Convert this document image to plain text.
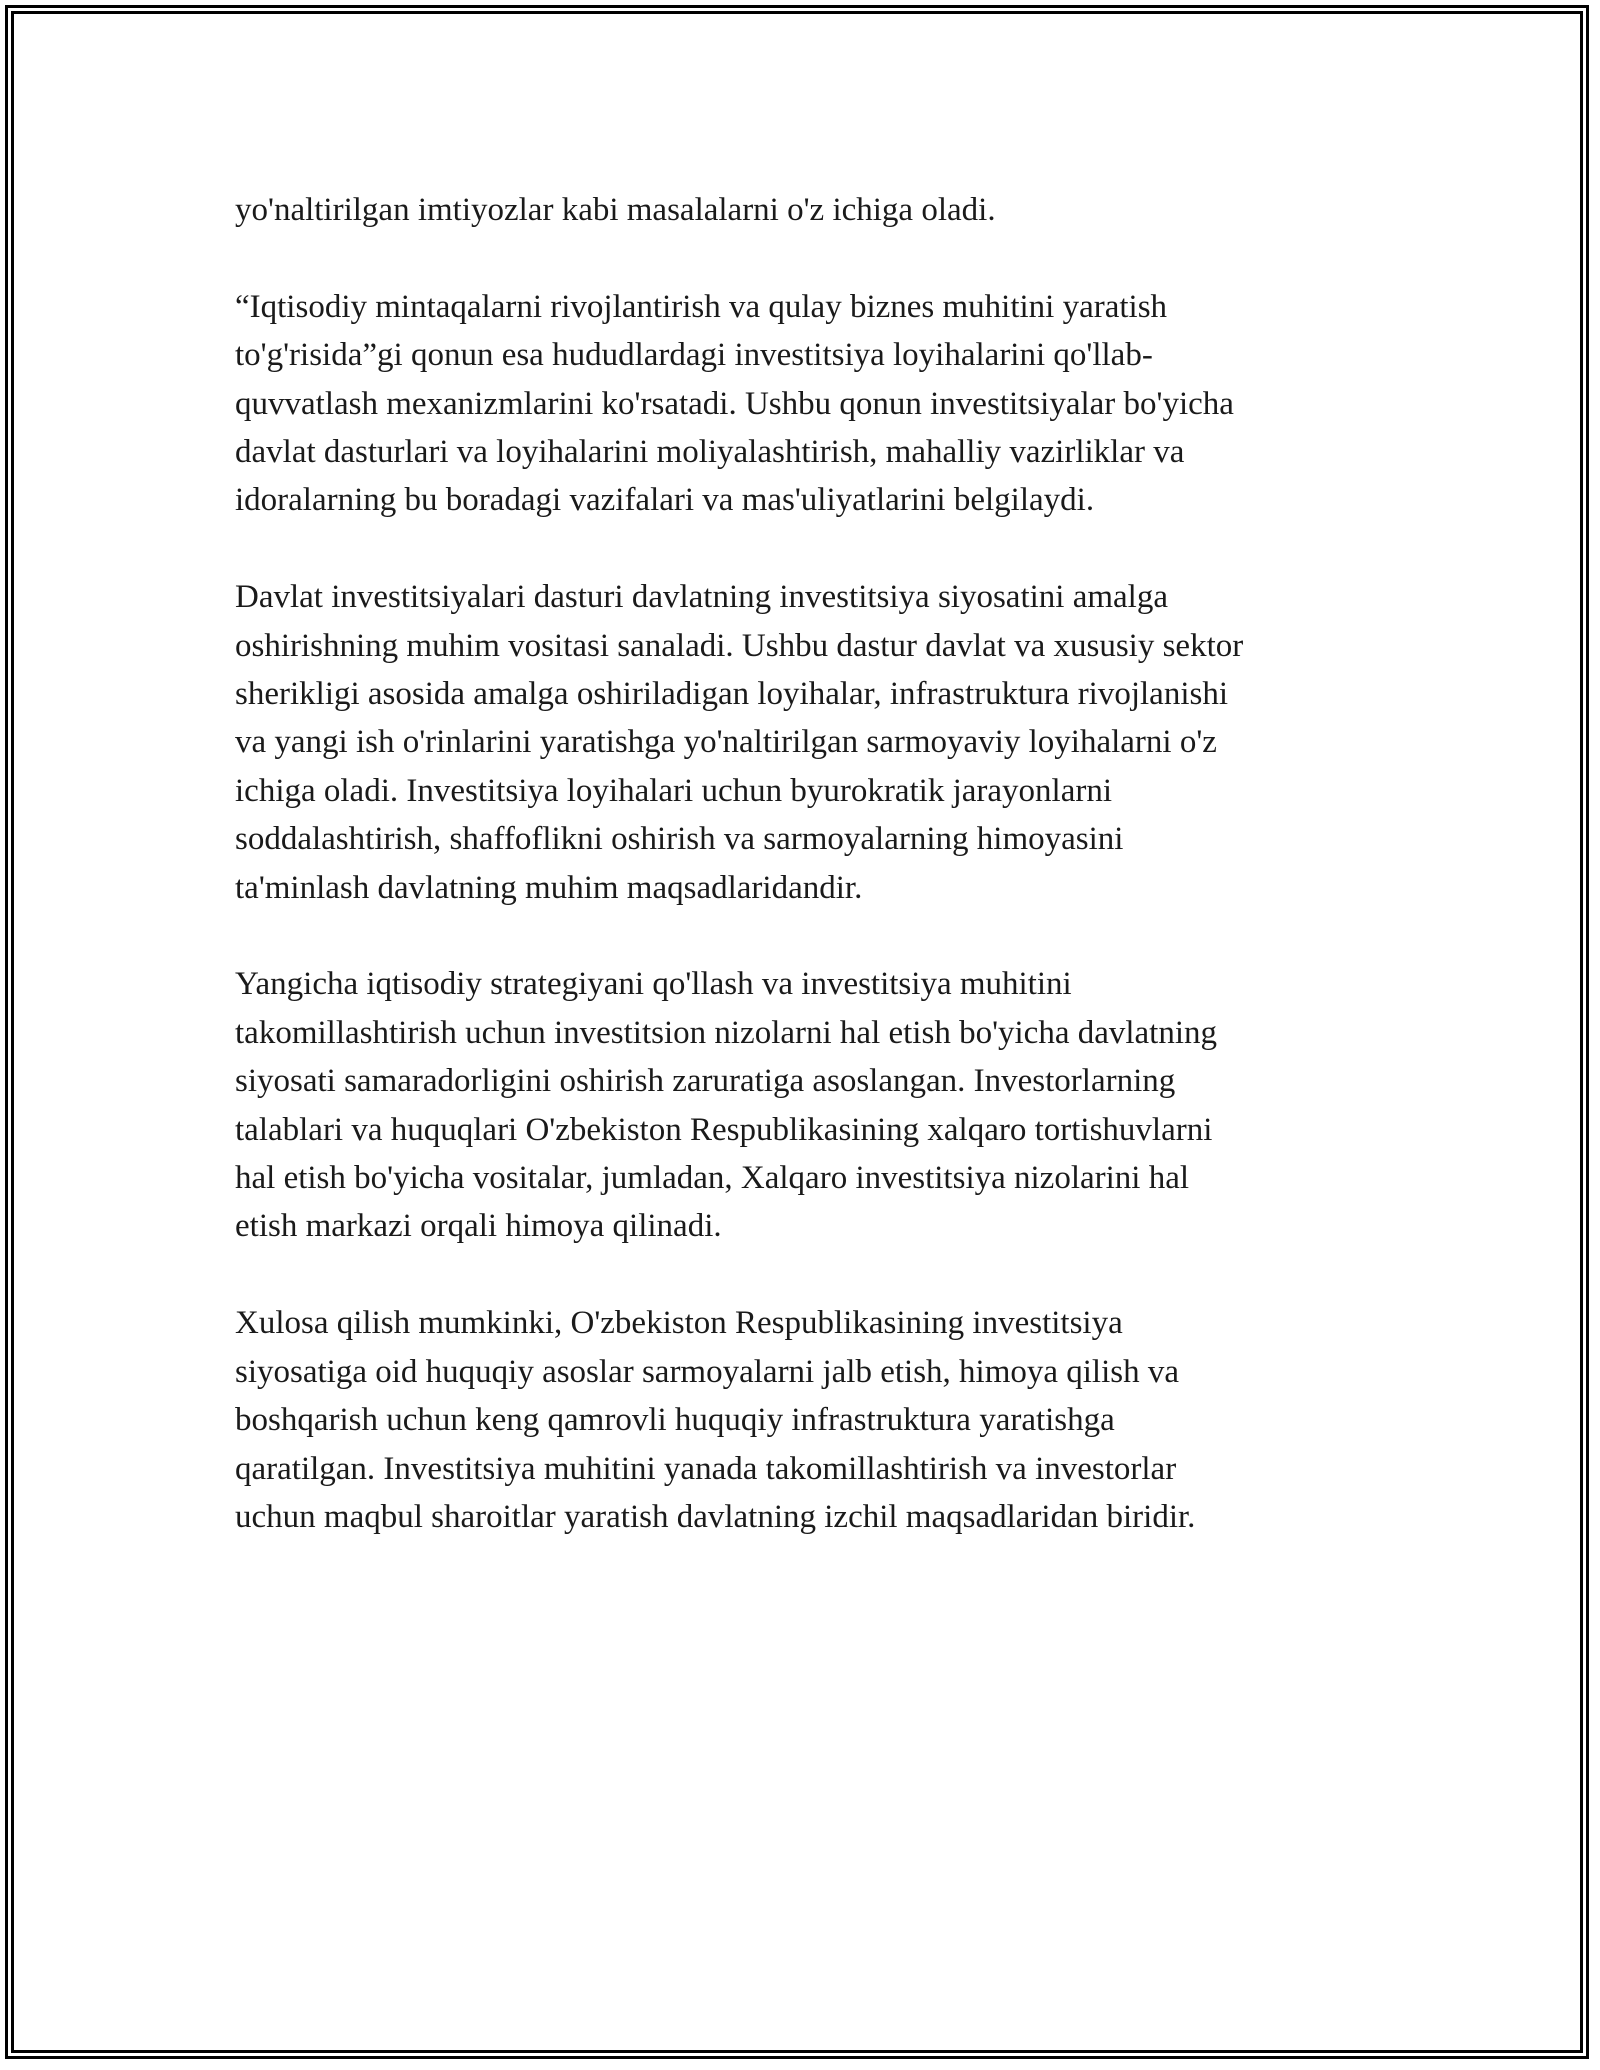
yo'naltirilgan imtiyozlar kabi masalalarni o'z ichiga oladi.

“Iqtisodiy mintaqalarni rivojlantirish va qulay biznes muhitini yaratish
to'g'risida”gi qonun esa hududlardagi investitsiya loyihalarini qo'llab-
quvvatlash mexanizmlarini ko'rsatadi. Ushbu qonun investitsiyalar bo'yicha
davlat dasturlari va loyihalarini moliyalashtirish, mahalliy vazirliklar va
idoralarning bu boradagi vazifalari va mas'uliyatlarini belgilaydi.

Davlat investitsiyalari dasturi davlatning investitsiya siyosatini amalga
oshirishning muhim vositasi sanaladi. Ushbu dastur davlat va xususiy sektor
sherikligi asosida amalga oshiriladigan loyihalar, infrastruktura rivojlanishi
va yangi ish o'rinlarini yaratishga yo'naltirilgan sarmoyaviy loyihalarni o'z
ichiga oladi. Investitsiya loyihalari uchun byurokratik jarayonlarni
soddalashtirish, shaffoflikni oshirish va sarmoyalarning himoyasini
ta'minlash davlatning muhim maqsadlaridandir.

Yangicha iqtisodiy strategiyani qo'llash va investitsiya muhitini
takomillashtirish uchun investitsion nizolarni hal etish bo'yicha davlatning
siyosati samaradorligini oshirish zaruratiga asoslangan. Investorlarning
talablari va huquqlari O'zbekiston Respublikasining xalqaro tortishuvlarni
hal etish bo'yicha vositalar, jumladan, Xalqaro investitsiya nizolarini hal
etish markazi orqali himoya qilinadi.

Xulosa qilish mumkinki, O'zbekiston Respublikasining investitsiya
siyosatiga oid huquqiy asoslar sarmoyalarni jalb etish, himoya qilish va
boshqarish uchun keng qamrovli huquqiy infrastruktura yaratishga
qaratilgan. Investitsiya muhitini yanada takomillashtirish va investorlar
uchun maqbul sharoitlar yaratish davlatning izchil maqsadlaridan biridir.
